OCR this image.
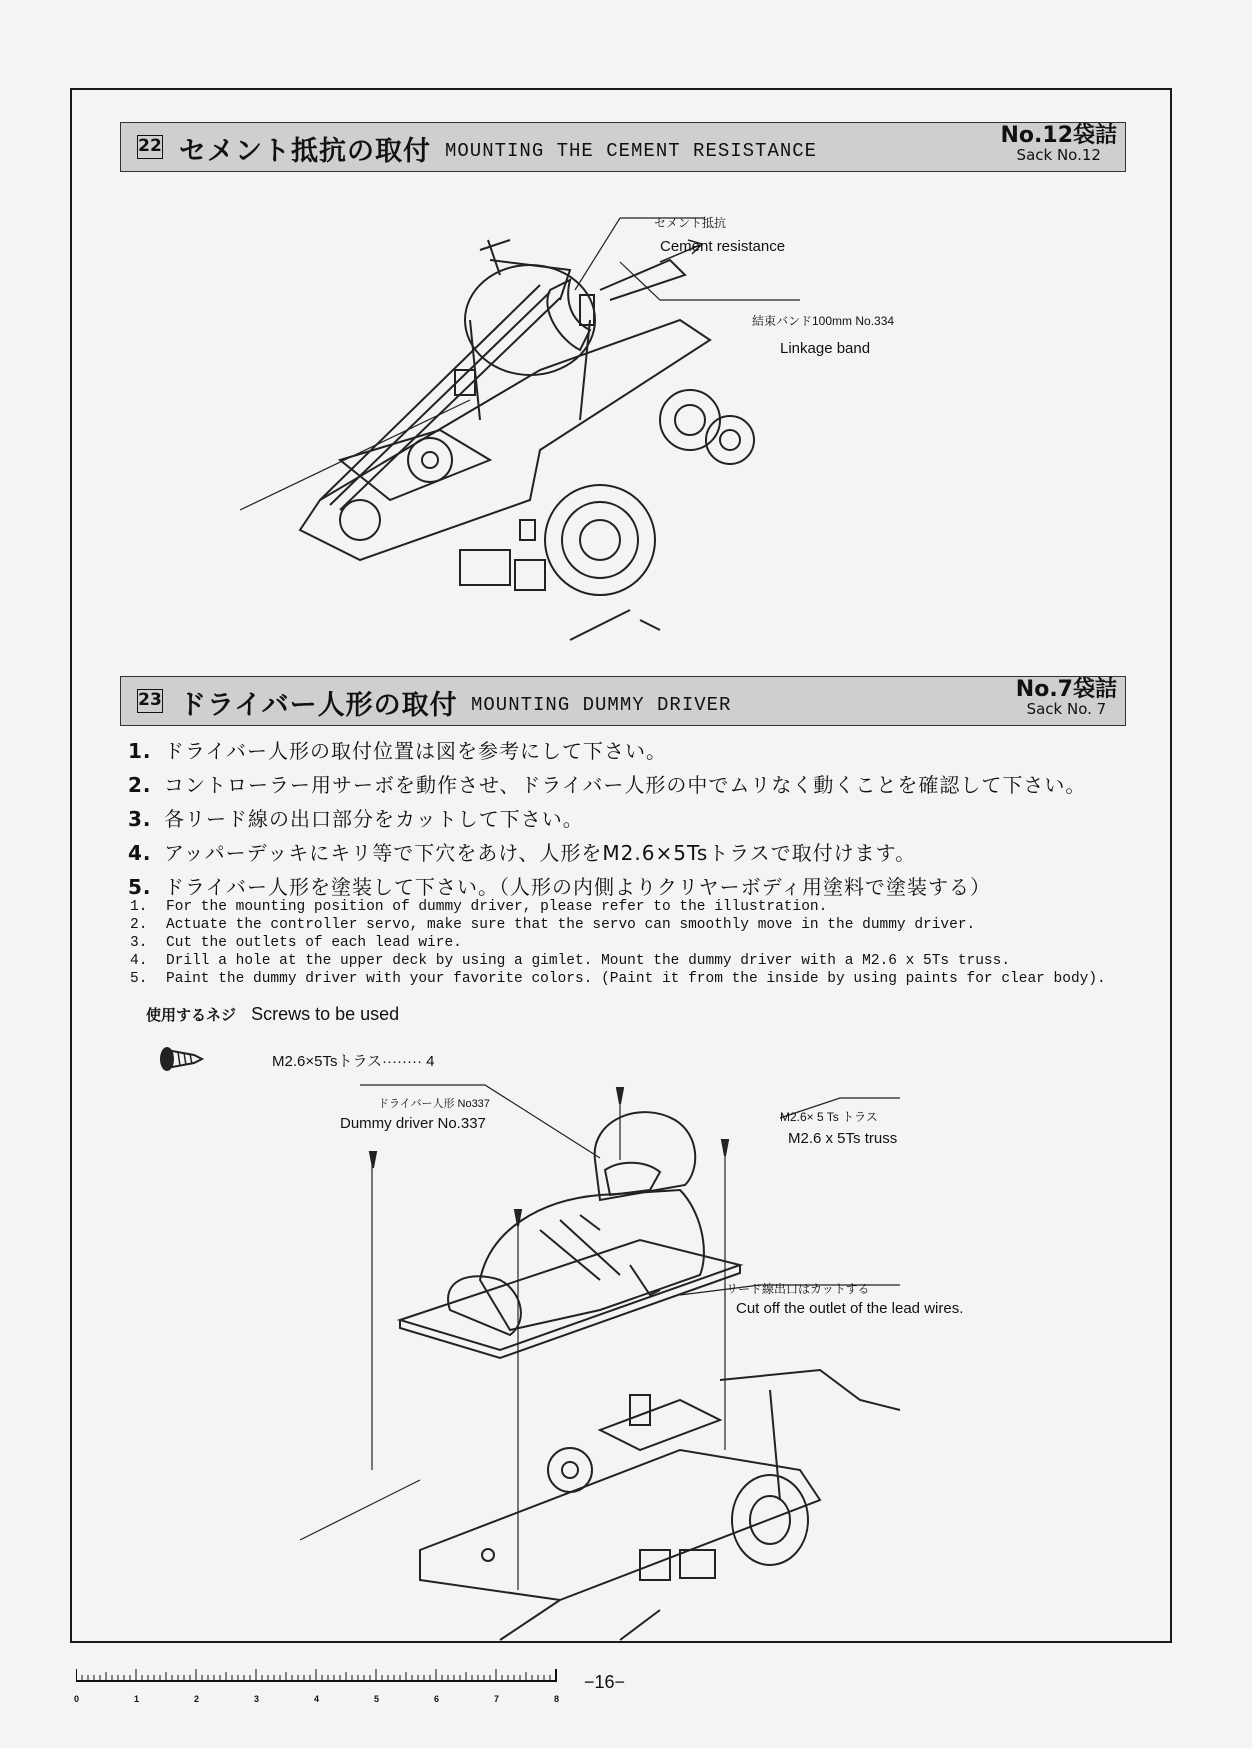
22 セメント抵抗の取付 MOUNTING THE CEMENT RESISTANCE
No.12袋詰
Sack No.12
セメント抵抗
Cement resistance
結束バンド100mm No.334
Linkage band
23 ドライバー人形の取付 MOUNTING DUMMY DRIVER
No.7袋詰
Sack No. 7
1. ドライバー人形の取付位置は図を参考にして下さい。
2. コントローラー用サーボを動作させ、ドライバー人形の中でムリなく動くことを確認して下さい。
3. 各リード線の出口部分をカットして下さい。
4. アッパーデッキにキリ等で下穴をあけ、人形をM2.6×5Tsトラスで取付けます。
5. ドライバー人形を塗装して下さい。（人形の内側よりクリヤーボディ用塗料で塗装する）
1. For the mounting position of dummy driver, please refer to the illustration.
2. Actuate the controller servo, make sure that the servo can smoothly move in the dummy driver.
3. Cut the outlets of each lead wire.
4. Drill a hole at the upper deck by using a gimlet. Mount the dummy driver with a M2.6 x 5Ts truss.
5. Paint the dummy driver with your favorite colors. (Paint it from the inside by using paints for clear body).
使用するネジ Screws to be used
M2.6×5Tsトラス········ 4
ドライバー人形 No337
Dummy driver No.337	M2.6× 5 Ts トラス
M2.6 x 5Ts truss
リード線出口はカットする
Cut off the outlet of the lead wires.
0	1	2	3	4	5	6	7	8
−16−
